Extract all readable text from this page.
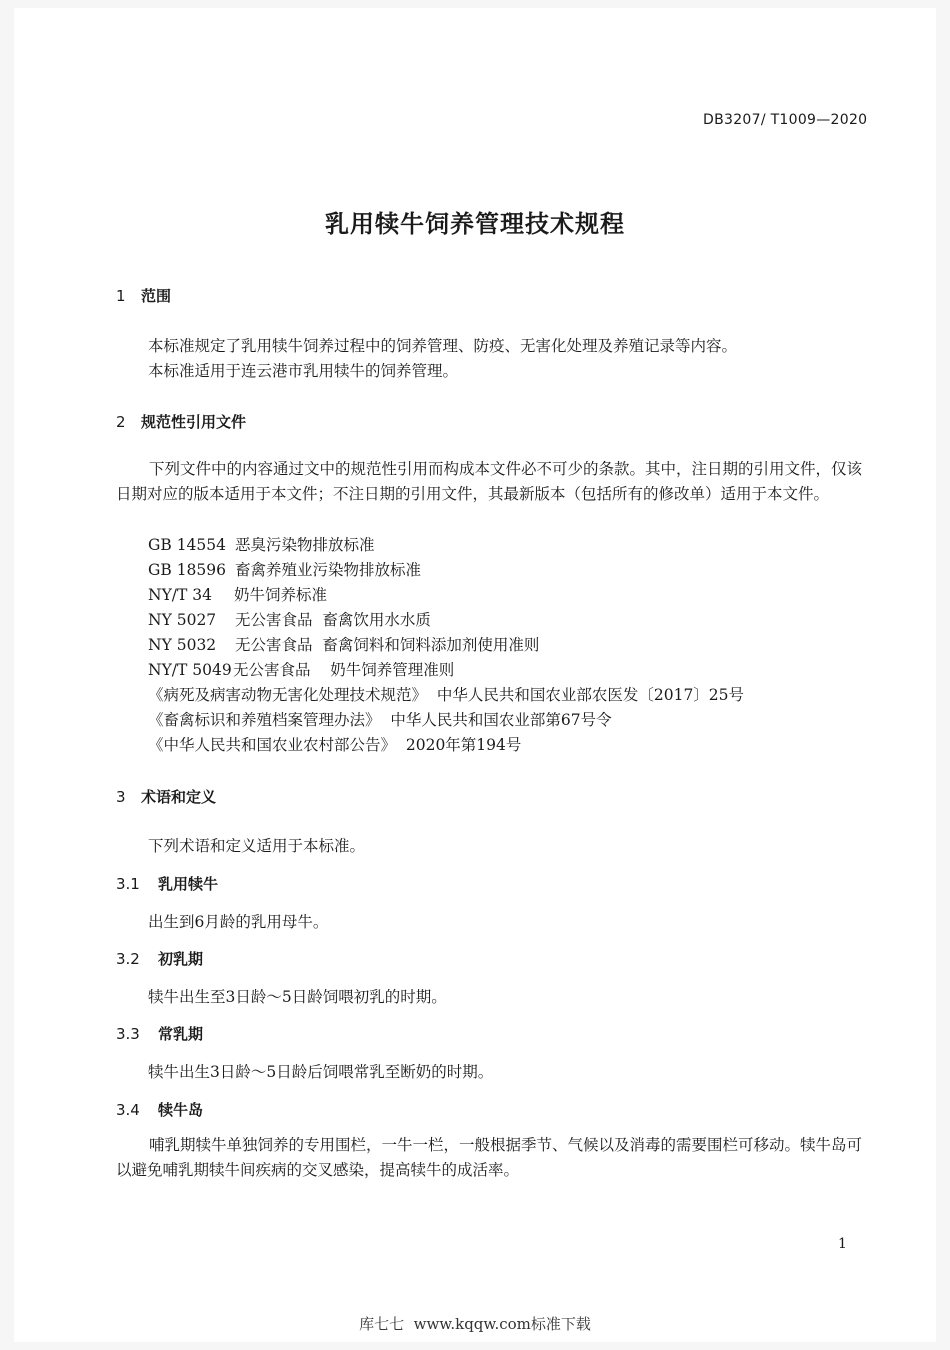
DB3207/ T1009—2020
乳用犊牛饲养管理技术规程
1 范围
本标准规定了乳用犊牛饲养过程中的饲养管理、防疫、无害化处理及养殖记录等内容。
本标准适用于连云港市乳用犊牛的饲养管理。
2 规范性引用文件
下列文件中的内容通过文中的规范性引用而构成本文件必不可少的条款。其中，注日期的引用文件，仅该日期对应的版本适用于本文件；不注日期的引用文件，其最新版本（包括所有的修改单）适用于本文件。
GB 14554 恶臭污染物排放标准
GB 18596 畜禽养殖业污染物排放标准
NY/T 34 奶牛饲养标准
NY 5027 无公害食品  畜禽饮用水水质
NY 5032 无公害食品  畜禽饲料和饲料添加剂使用准则
NY/T 5049无公害食品    奶牛饲养管理准则
《病死及病害动物无害化处理技术规范》  中华人民共和国农业部农医发〔2017〕25号
《畜禽标识和养殖档案管理办法》  中华人民共和国农业部第67号令
《中华人民共和国农业农村部公告》  2020年第194号
3 术语和定义
下列术语和定义适用于本标准。
3.1 乳用犊牛
出生到6月龄的乳用母牛。
3.2 初乳期
犊牛出生至3日龄～5日龄饲喂初乳的时期。
3.3 常乳期
犊牛出生3日龄～5日龄后饲喂常乳至断奶的时期。
3.4 犊牛岛
哺乳期犊牛单独饲养的专用围栏，一牛一栏，一般根据季节、气候以及消毒的需要围栏可移动。犊牛岛可以避免哺乳期犊牛间疾病的交叉感染，提高犊牛的成活率。
1
库七七  www.kqqw.com标准下载
